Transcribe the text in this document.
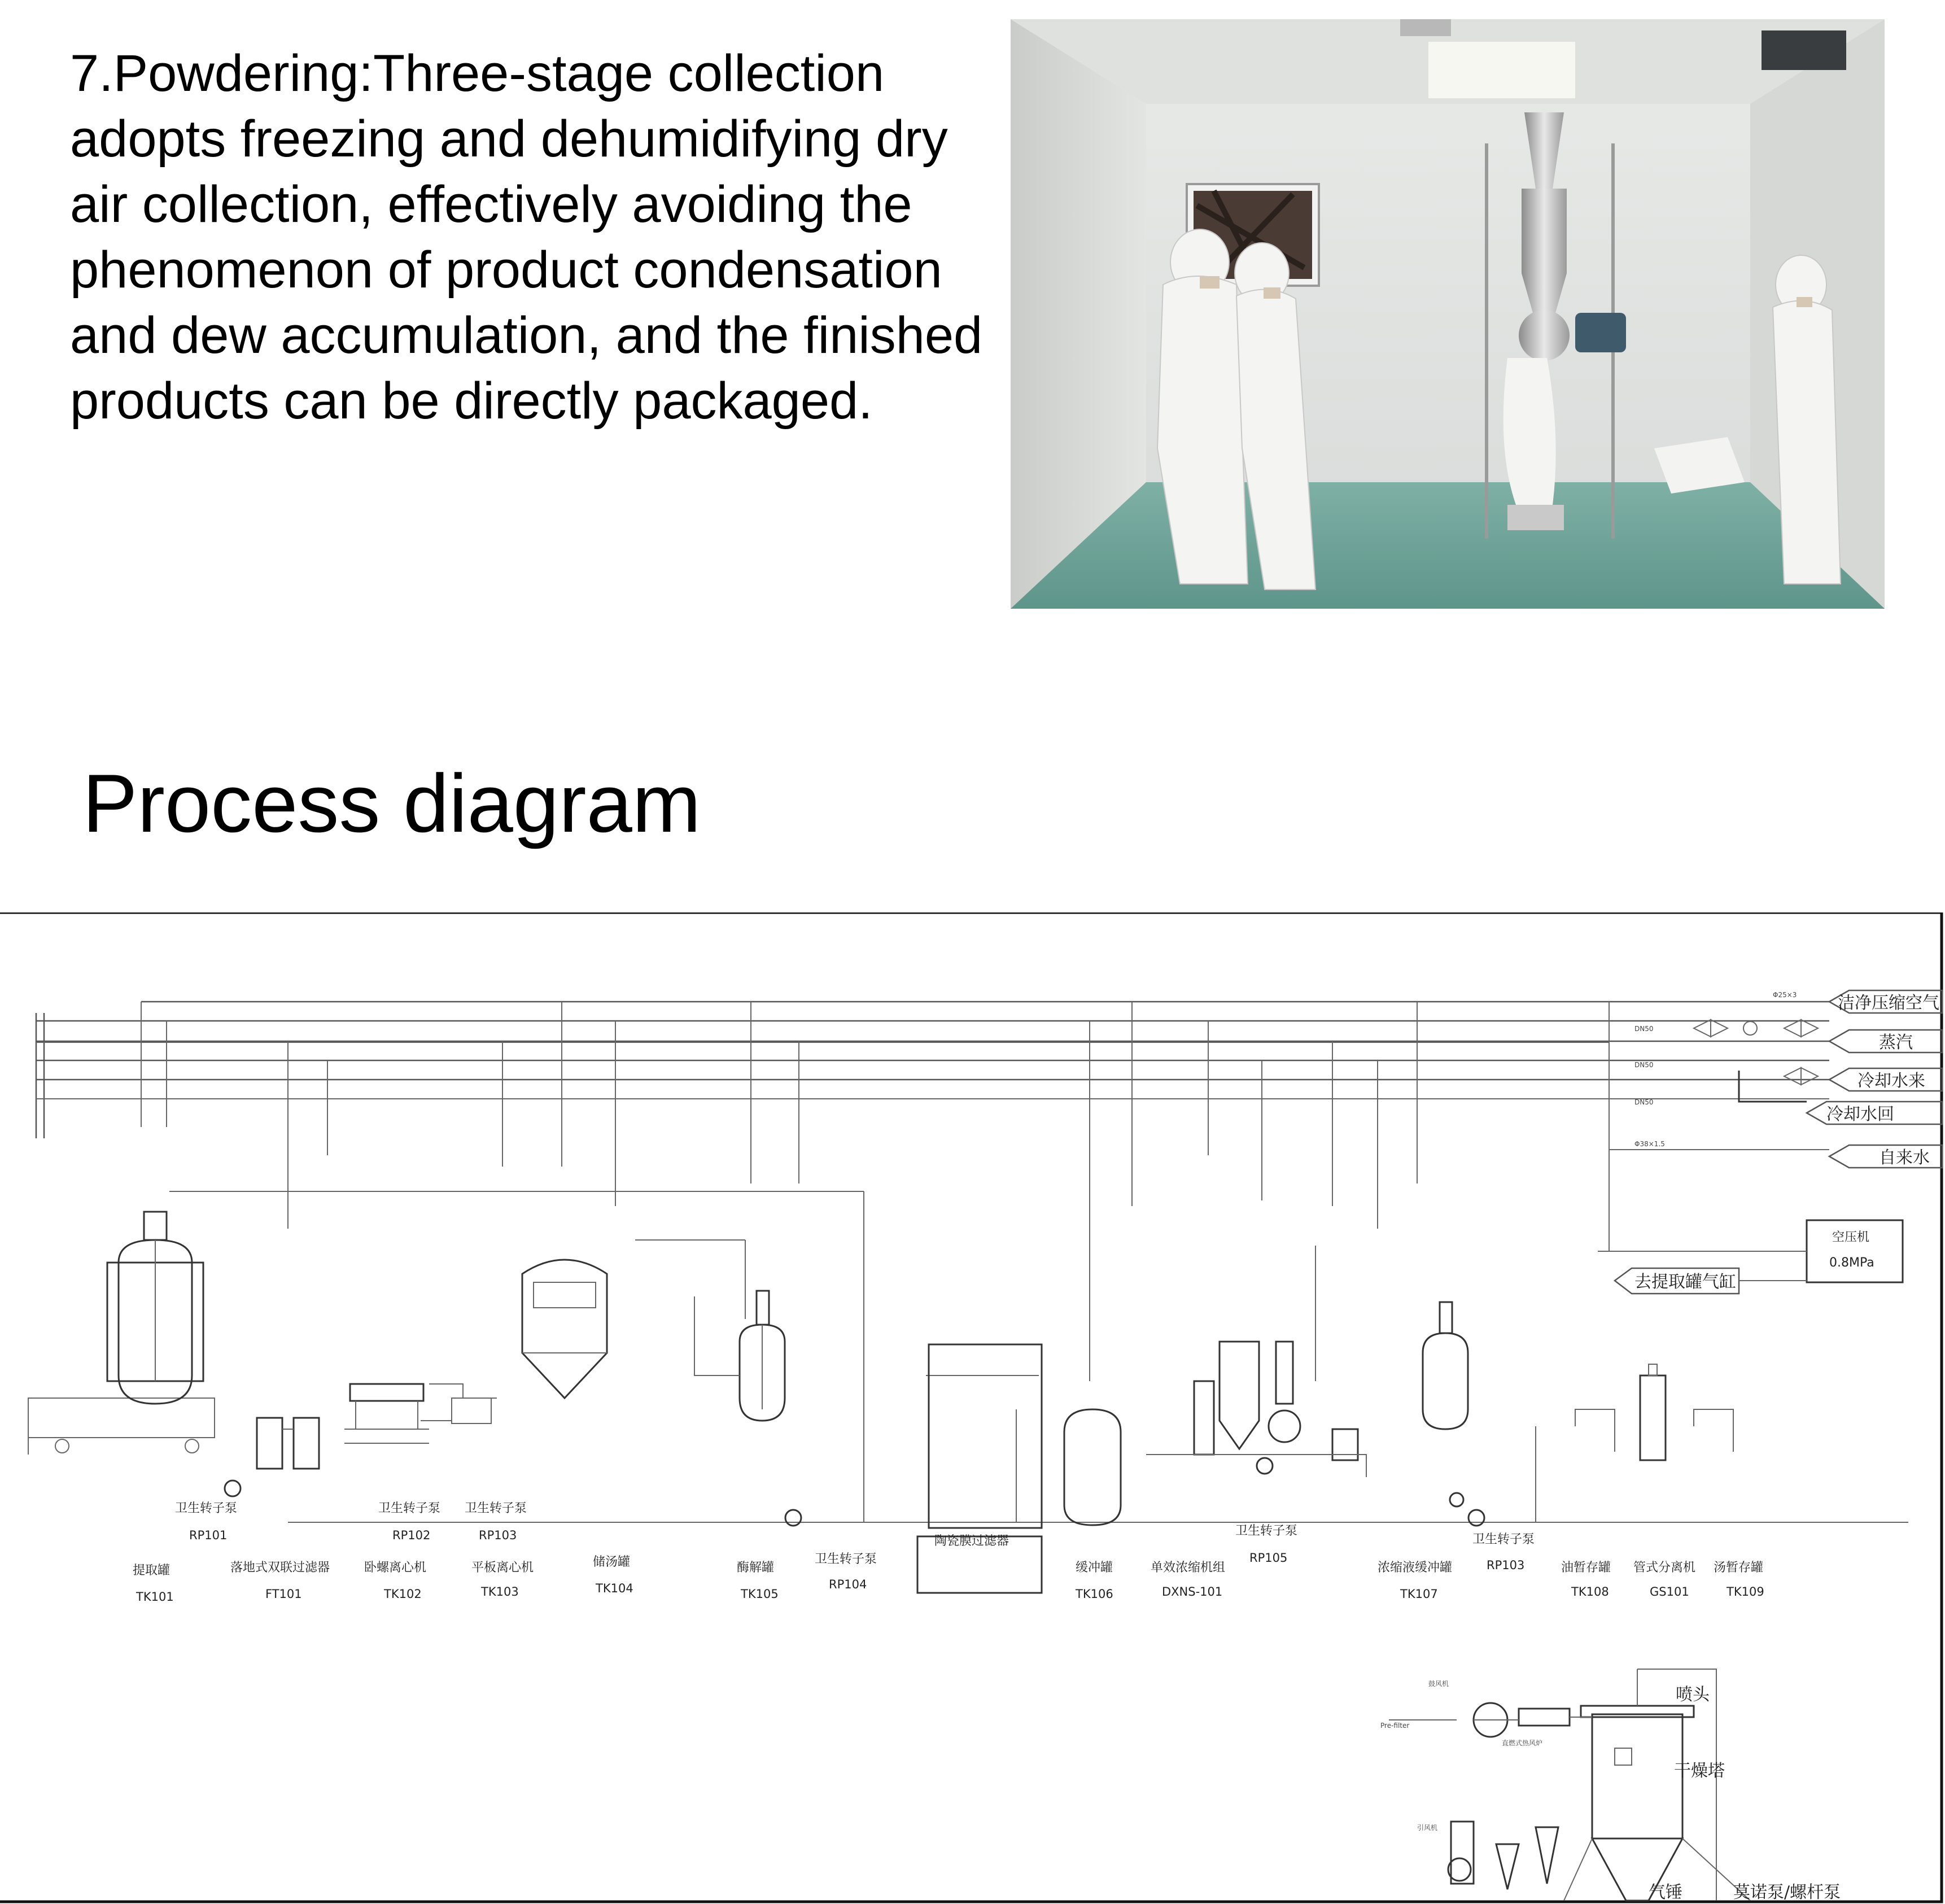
7.Powdering:Three-stage collection adopts freezing and dehumidifying dry air collection, effectively avoiding the phenomenon of product condensation and dew accumulation, and the finished products can be directly packaged.

Process diagram
洁净压缩空气
蒸汽
冷却水来
冷却水回
自来水
Φ25×3
DN50
DN50
DN50
Φ38×1.5
空压机
0.8MPa
去提取罐气缸
卫生转子泵
RP101
卫生转子泵
RP102
卫生转子泵
RP103
卫生转子泵
RP104
卫生转子泵
RP105
卫生转子泵
RP103
提取罐
TK101
落地式双联过滤器
FT101
卧螺离心机
TK102
平板离心机
TK103
储汤罐
TK104
酶解罐
TK105
陶瓷膜过滤器
缓冲罐
TK106
单效浓缩机组
DXNS-101
浓缩液缓冲罐
TK107
油暂存罐
TK108
管式分离机
GS101
汤暂存罐
TK109
鼓风机
Pre-filter
直燃式热风炉
喷头
干燥塔
引风机
气锤	莫诺泵/螺杆泵
